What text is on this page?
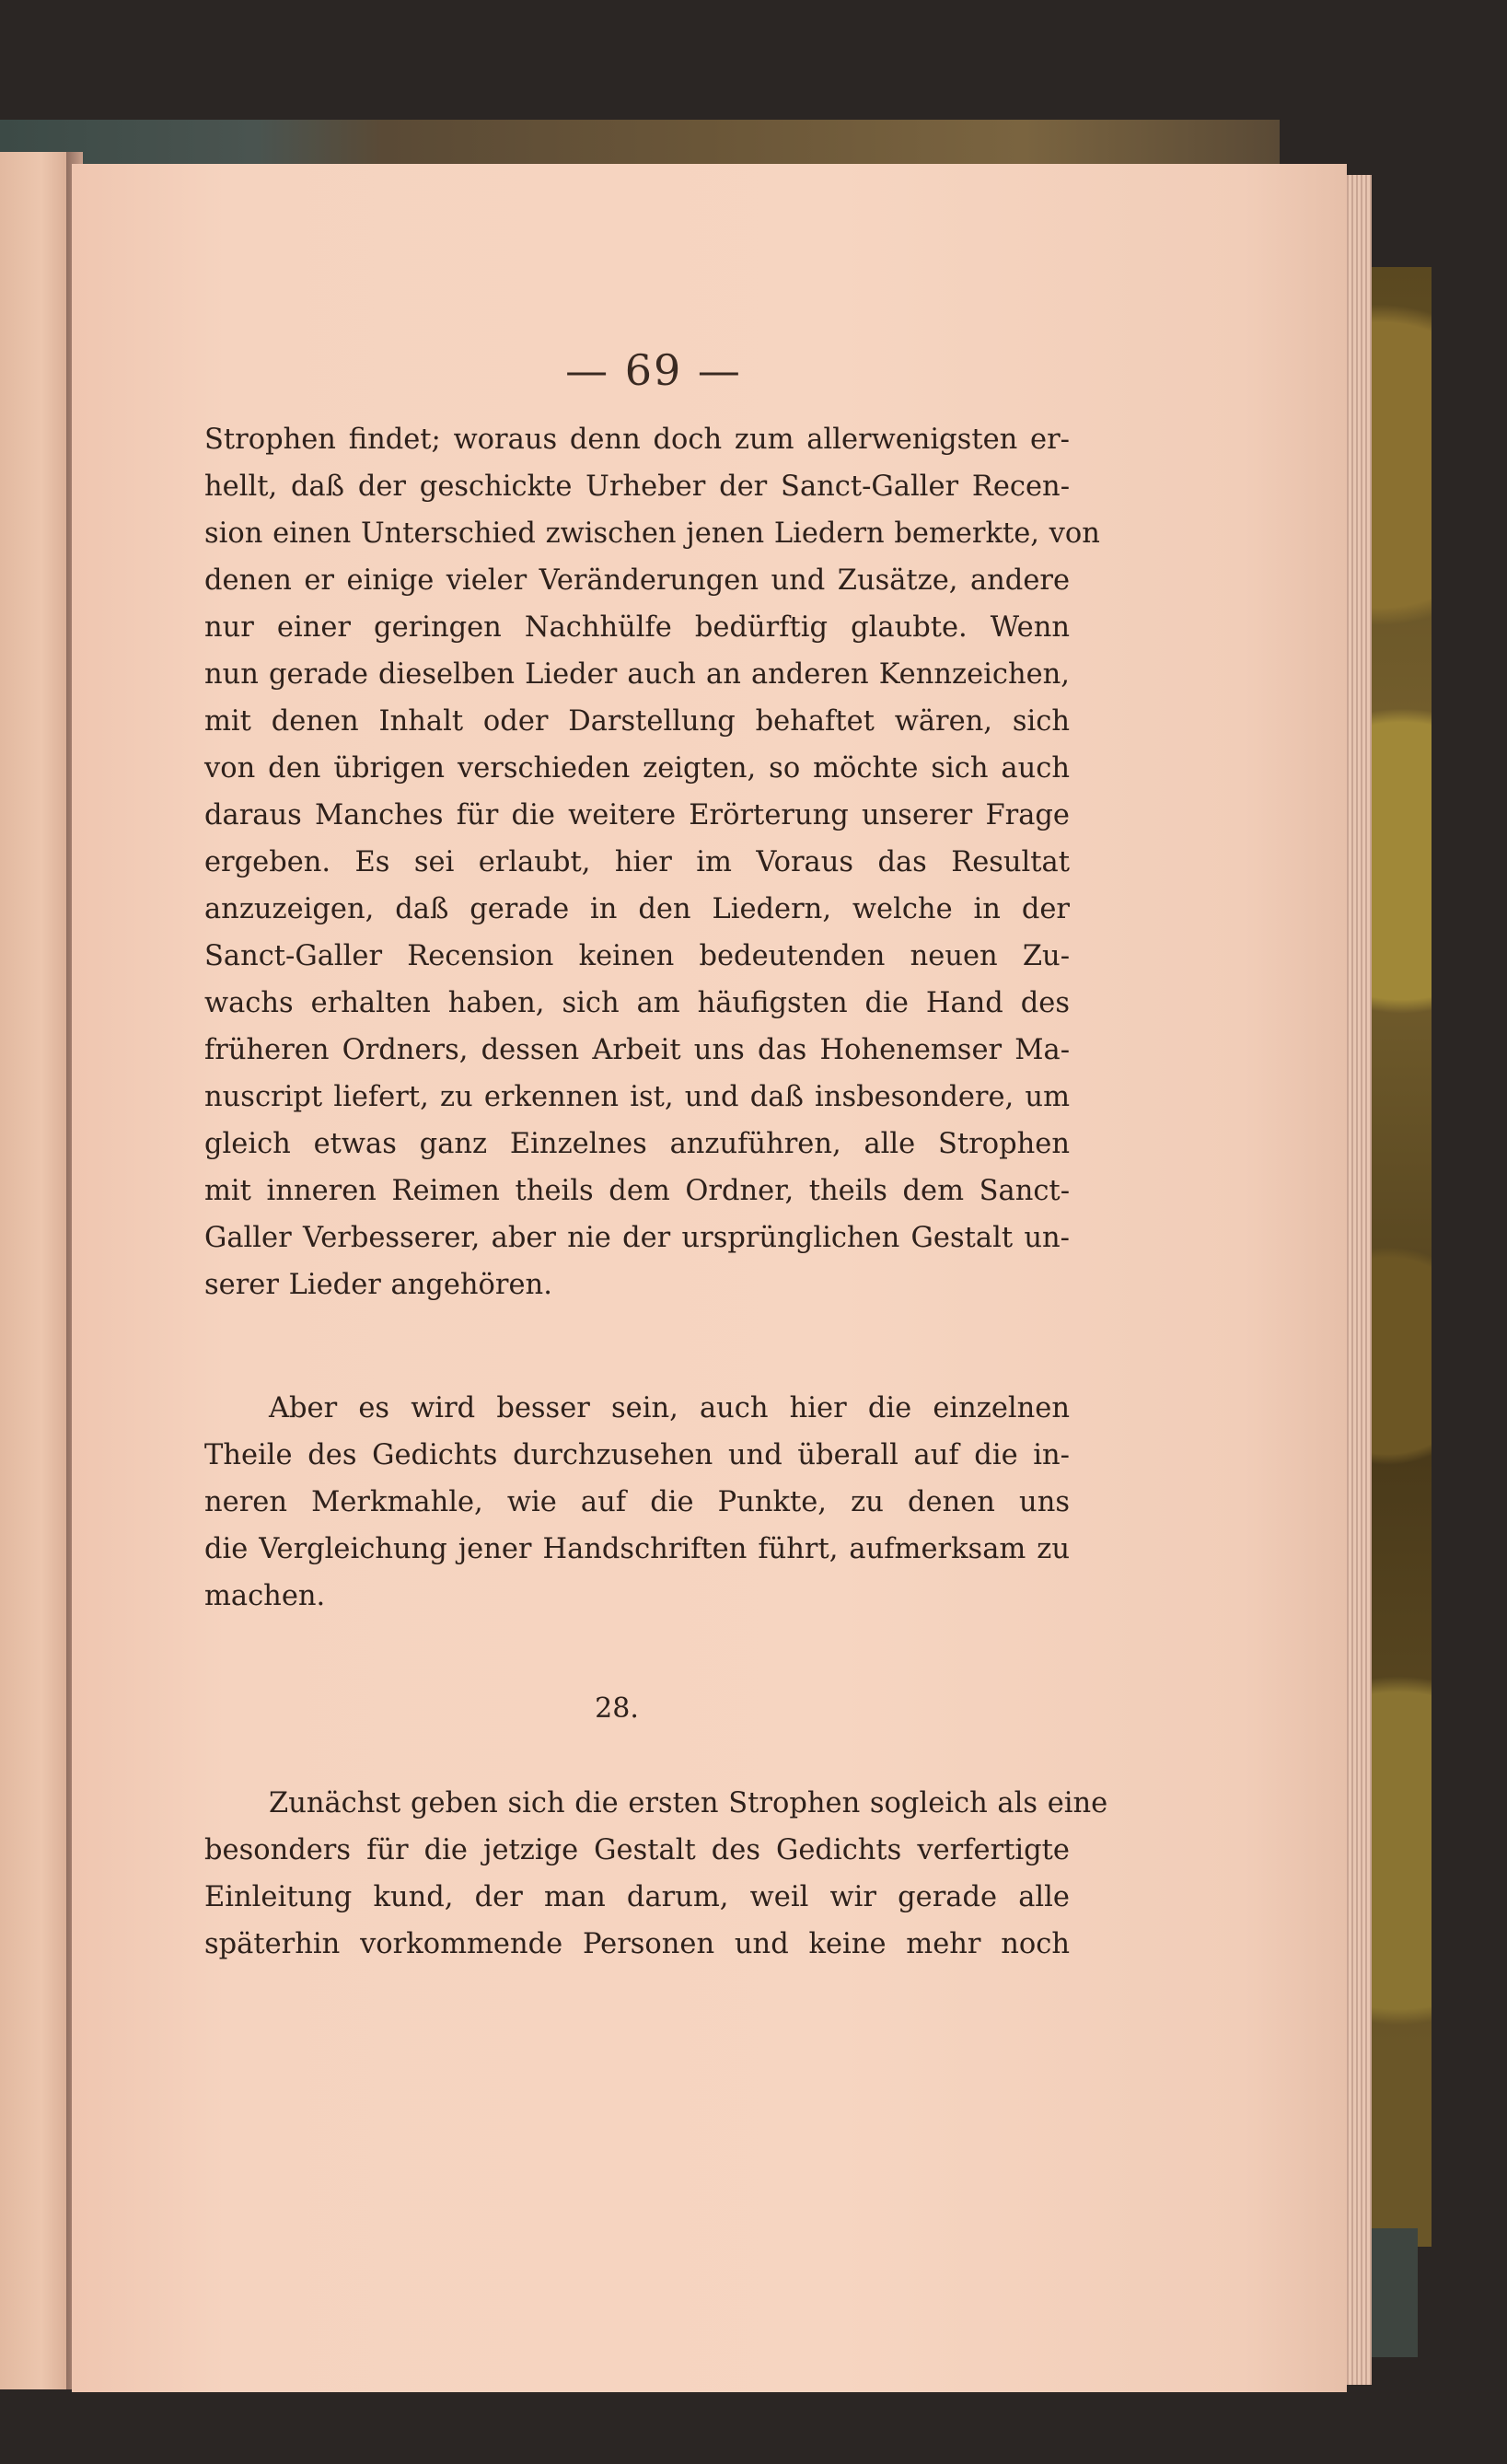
— 69 —
Strophen findet; woraus denn doch zum allerwenigsten er-
hellt, daß der geschickte Urheber der Sanct-Galler Recen-
sion einen Unterschied zwischen jenen Liedern bemerkte, von
denen er einige vieler Veränderungen und Zusätze, andere
nur einer geringen Nachhülfe bedürftig glaubte. Wenn
nun gerade dieselben Lieder auch an anderen Kennzeichen,
mit denen Inhalt oder Darstellung behaftet wären, sich
von den übrigen verschieden zeigten, so möchte sich auch
daraus Manches für die weitere Erörterung unserer Frage
ergeben. Es sei erlaubt, hier im Voraus das Resultat
anzuzeigen, daß gerade in den Liedern, welche in der
Sanct-Galler Recension keinen bedeutenden neuen Zu-
wachs erhalten haben, sich am häufigsten die Hand des
früheren Ordners, dessen Arbeit uns das Hohenemser Ma-
nuscript liefert, zu erkennen ist, und daß insbesondere, um
gleich etwas ganz Einzelnes anzuführen, alle Strophen
mit inneren Reimen theils dem Ordner, theils dem Sanct-
Galler Verbesserer, aber nie der ursprünglichen Gestalt un-
serer Lieder angehören.
Aber es wird besser sein, auch hier die einzelnen
Theile des Gedichts durchzusehen und überall auf die in-
neren Merkmahle, wie auf die Punkte, zu denen uns
die Vergleichung jener Handschriften führt, aufmerksam zu
machen.
28.
Zunächst geben sich die ersten Strophen sogleich als eine
besonders für die jetzige Gestalt des Gedichts verfertigte
Einleitung kund, der man darum, weil wir gerade alle
späterhin vorkommende Personen und keine mehr noch
